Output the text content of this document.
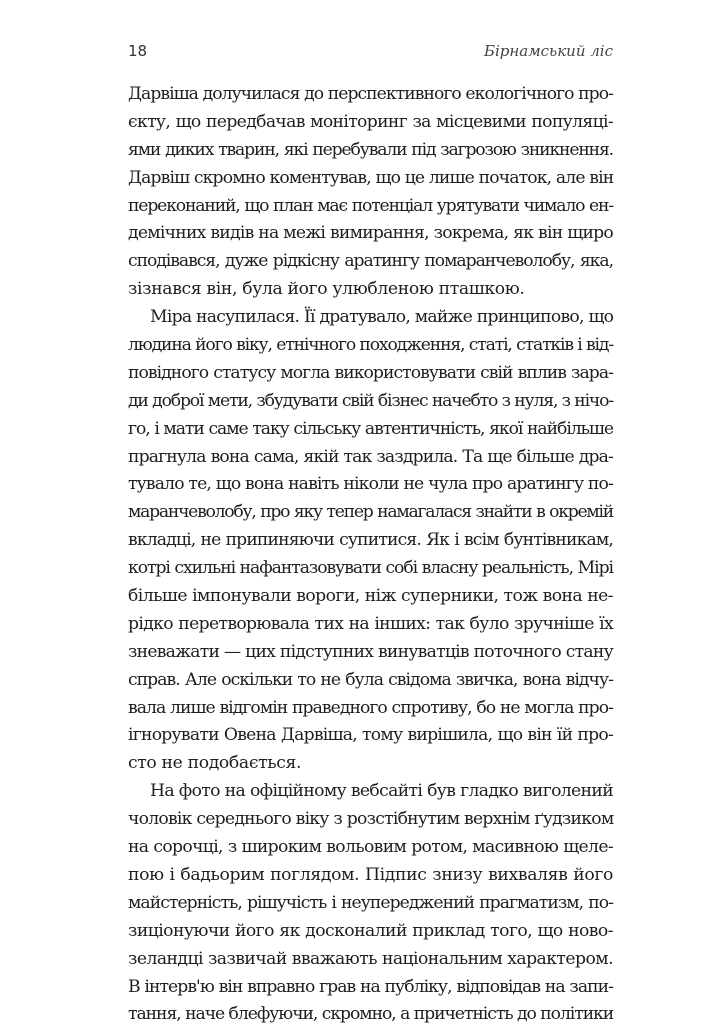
18	Бірнамський ліс
Дарвіша долучилася до перспективного екологічного про-
єкту, що передбачав моніторинг за місцевими популяці-
ями диких тварин, які перебували під загрозою зникнення.
Дарвіш скромно коментував, що це лише початок, але він
переконаний, що план має потенціал урятувати чимало ен-
демічних видів на межі вимирання, зокрема, як він щиро
сподівався, дуже рідкісну аратингу помаранчеволобу, яка,
зізнався він, була його улюбленою пташкою.
Міра насупилася. Її дратувало, майже принципово, що
людина його віку, етнічного походження, статі, статків і від-
повідного статусу могла використовувати свій вплив зара-
ди доброї мети, збудувати свій бізнес начебто з нуля, з нічо-
го, і мати саме таку сільську автентичність, якої найбільше
прагнула вона сама, якій так заздрила. Та ще більше дра-
тувало те, що вона навіть ніколи не чула про аратингу по-
маранчеволобу, про яку тепер намагалася знайти в окремій
вкладці, не припиняючи супитися. Як і всім бунтівникам,
котрі схильні нафантазовувати собі власну реальність, Мірі
більше імпонували вороги, ніж суперники, тож вона не-
рідко перетворювала тих на інших: так було зручніше їх
зневажати — цих підступних винуватців поточного стану
справ. Але оскільки то не була свідома звичка, вона відчу-
вала лише відгомін праведного спротиву, бо не могла про-
ігнорувати Овена Дарвіша, тому вирішила, що він їй про-
сто не подобається.
На фото на офіційному вебсайті був гладко виголений
чоловік середнього віку з розстібнутим верхнім ґудзиком
на сорочці, з широким вольовим ротом, масивною щеле-
пою і бадьорим поглядом. Підпис знизу вихваляв його
майстерність, рішучість і неупереджений прагматизм, по-
зиціонуючи його як досконалий приклад того, що ново-
зеландці зазвичай вважають національним характером.
В інтерв'ю він вправно грав на публіку, відповідав на запи-
тання, наче блефуючи, скромно, а причетність до політики
